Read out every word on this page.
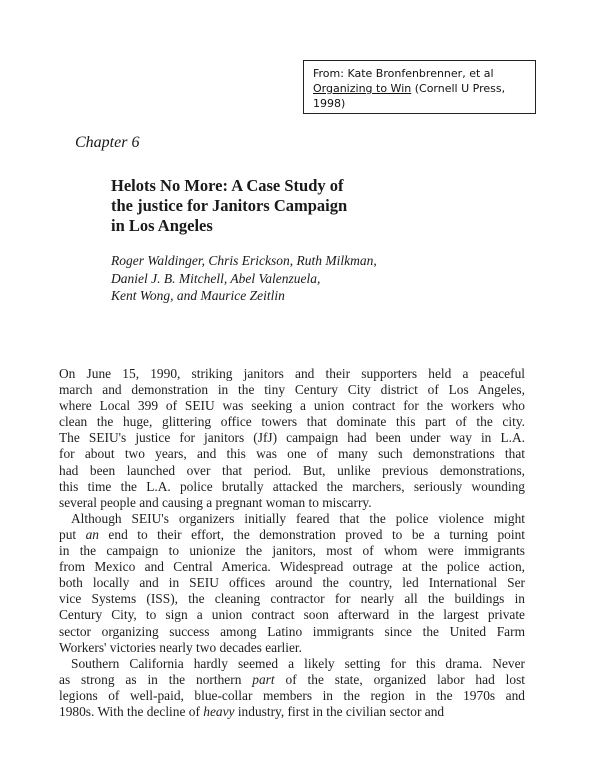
From: Kate Bronfenbrenner, et al
Organizing to Win (Cornell U Press,
1998)
Chapter 6
Helots No More: A Case Study of
the justice for Janitors Campaign
in Los Angeles
Roger Waldinger, Chris Erickson, Ruth Milkman,
Daniel J. B. Mitchell, Abel Valenzuela,
Kent Wong, and Maurice Zeitlin
On June 15, 1990, striking janitors and their supporters held a peaceful
march and demonstration in the tiny Century City district of Los Angeles,
where Local 399 of SEIU was seeking a union contract for the workers who
clean the huge, glittering office towers that dominate this part of the city.
The SEIU's justice for janitors (JfJ) campaign had been under way in L.A.
for about two years, and this was one of many such demonstrations that
had been launched over that period. But, unlike previous demonstrations,
this time the L.A. police brutally attacked the marchers, seriously wounding
several people and causing a pregnant woman to miscarry.
Although SEIU's organizers initially feared that the police violence might
put an end to their effort, the demonstration proved to be a turning point
in the campaign to unionize the janitors, most of whom were immigrants
from Mexico and Central America. Widespread outrage at the police action,
both locally and in SEIU offices around the country, led International Ser
vice Systems (ISS), the cleaning contractor for nearly all the buildings in
Century City, to sign a union contract soon afterward in the largest private
sector organizing success among Latino immigrants since the United Farm
Workers' victories nearly two decades earlier.
Southern California hardly seemed a likely setting for this drama. Never
as strong as in the northern part of the state, organized labor had lost
legions of well-paid, blue-collar members in the region in the 1970s and
1980s. With the decline of heavy industry, first in the civilian sector and
